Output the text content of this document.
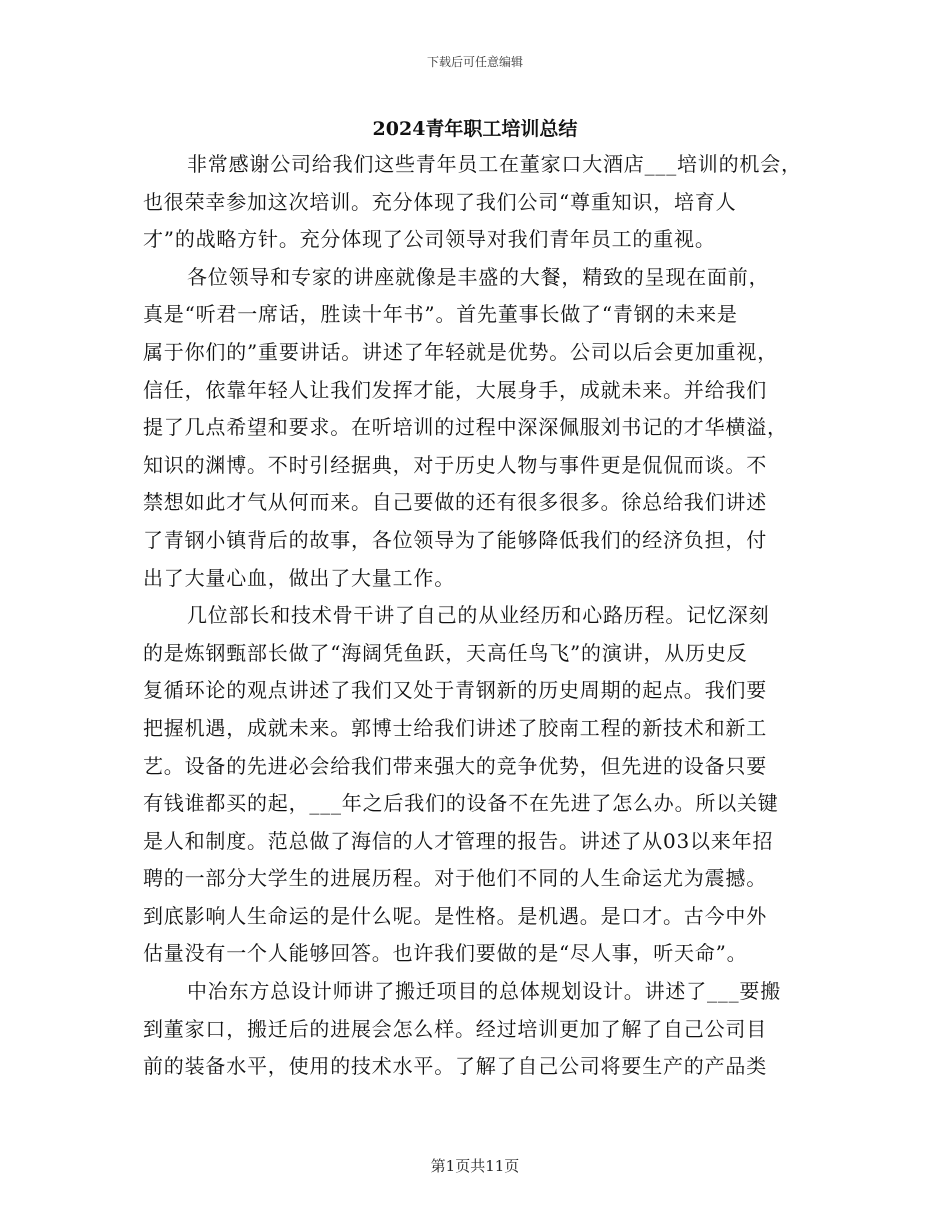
下载后可任意编辑
2024青年职工培训总结
非常感谢公司给我们这些青年员工在董家口大酒店___培训的机会，
也很荣幸参加这次培训。充分体现了我们公司“尊重知识，培育人
才”的战略方针。充分体现了公司领导对我们青年员工的重视。
各位领导和专家的讲座就像是丰盛的大餐，精致的呈现在面前，
真是“听君一席话，胜读十年书”。首先董事长做了“青钢的未来是
属于你们的”重要讲话。讲述了年轻就是优势。公司以后会更加重视，
信任，依靠年轻人让我们发挥才能，大展身手，成就未来。并给我们
提了几点希望和要求。在听培训的过程中深深佩服刘书记的才华横溢，
知识的渊博。不时引经据典，对于历史人物与事件更是侃侃而谈。不
禁想如此才气从何而来。自己要做的还有很多很多。徐总给我们讲述
了青钢小镇背后的故事，各位领导为了能够降低我们的经济负担，付
出了大量心血，做出了大量工作。
几位部长和技术骨干讲了自己的从业经历和心路历程。记忆深刻
的是炼钢甄部长做了“海阔凭鱼跃，天高任鸟飞”的演讲，从历史反
复循环论的观点讲述了我们又处于青钢新的历史周期的起点。我们要
把握机遇，成就未来。郭博士给我们讲述了胶南工程的新技术和新工
艺。设备的先进必会给我们带来强大的竞争优势，但先进的设备只要
有钱谁都买的起，___年之后我们的设备不在先进了怎么办。所以关键
是人和制度。范总做了海信的人才管理的报告。讲述了从03以来年招
聘的一部分大学生的进展历程。对于他们不同的人生命运尤为震撼。
到底影响人生命运的是什么呢。是性格。是机遇。是口才。古今中外
估量没有一个人能够回答。也许我们要做的是“尽人事，听天命”。
中冶东方总设计师讲了搬迁项目的总体规划设计。讲述了___要搬
到董家口，搬迁后的进展会怎么样。经过培训更加了解了自己公司目
前的装备水平，使用的技术水平。了解了自己公司将要生产的产品类
第1页共11页
